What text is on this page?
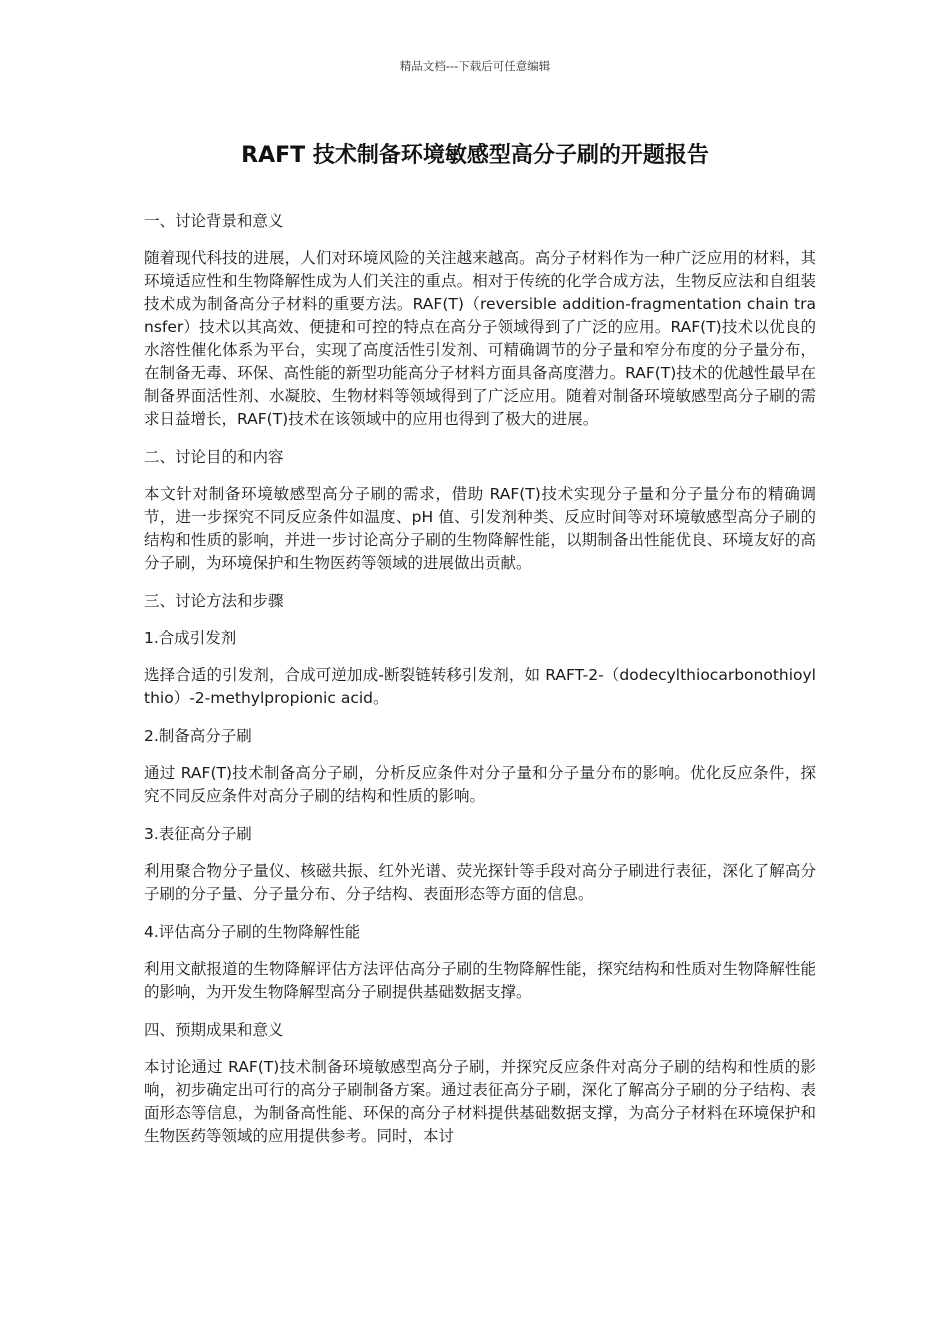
精品文档---下载后可任意编辑
RAFT 技术制备环境敏感型高分子刷的开题报告

一、讨论背景和意义

随着现代科技的进展，人们对环境风险的关注越来越高。高分子材料作为一种广泛应用的材料，其环境适应性和生物降解性成为人们关注的重点。相对于传统的化学合成方法，生物反应法和自组装技术成为制备高分子材料的重要方法。RAF(T)（reversible addition-fragmentation chain transfer）技术以其高效、便捷和可控的特点在高分子领域得到了广泛的应用。RAF(T)技术以优良的水溶性催化体系为平台，实现了高度活性引发剂、可精确调节的分子量和窄分布度的分子量分布，在制备无毒、环保、高性能的新型功能高分子材料方面具备高度潜力。RAF(T)技术的优越性最早在制备界面活性剂、水凝胶、生物材料等领域得到了广泛应用。随着对制备环境敏感型高分子刷的需求日益增长，RAF(T)技术在该领域中的应用也得到了极大的进展。

二、讨论目的和内容

本文针对制备环境敏感型高分子刷的需求，借助 RAF(T)技术实现分子量和分子量分布的精确调节，进一步探究不同反应条件如温度、pH 值、引发剂种类、反应时间等对环境敏感型高分子刷的结构和性质的影响，并进一步讨论高分子刷的生物降解性能，以期制备出性能优良、环境友好的高分子刷，为环境保护和生物医药等领域的进展做出贡献。

三、讨论方法和步骤

1.合成引发剂

选择合适的引发剂，合成可逆加成-断裂链转移引发剂，如 RAFT-2-（dodecylthiocarbonothioylthio）-2-methylpropionic acid。

2.制备高分子刷

通过 RAF(T)技术制备高分子刷，分析反应条件对分子量和分子量分布的影响。优化反应条件，探究不同反应条件对高分子刷的结构和性质的影响。

3.表征高分子刷

利用聚合物分子量仪、核磁共振、红外光谱、荧光探针等手段对高分子刷进行表征，深化了解高分子刷的分子量、分子量分布、分子结构、表面形态等方面的信息。

4.评估高分子刷的生物降解性能

利用文献报道的生物降解评估方法评估高分子刷的生物降解性能，探究结构和性质对生物降解性能的影响，为开发生物降解型高分子刷提供基础数据支撑。

四、预期成果和意义

本讨论通过 RAF(T)技术制备环境敏感型高分子刷，并探究反应条件对高分子刷的结构和性质的影响，初步确定出可行的高分子刷制备方案。通过表征高分子刷，深化了解高分子刷的分子结构、表面形态等信息，为制备高性能、环保的高分子材料提供基础数据支撑，为高分子材料在环境保护和生物医药等领域的应用提供参考。同时，本讨
